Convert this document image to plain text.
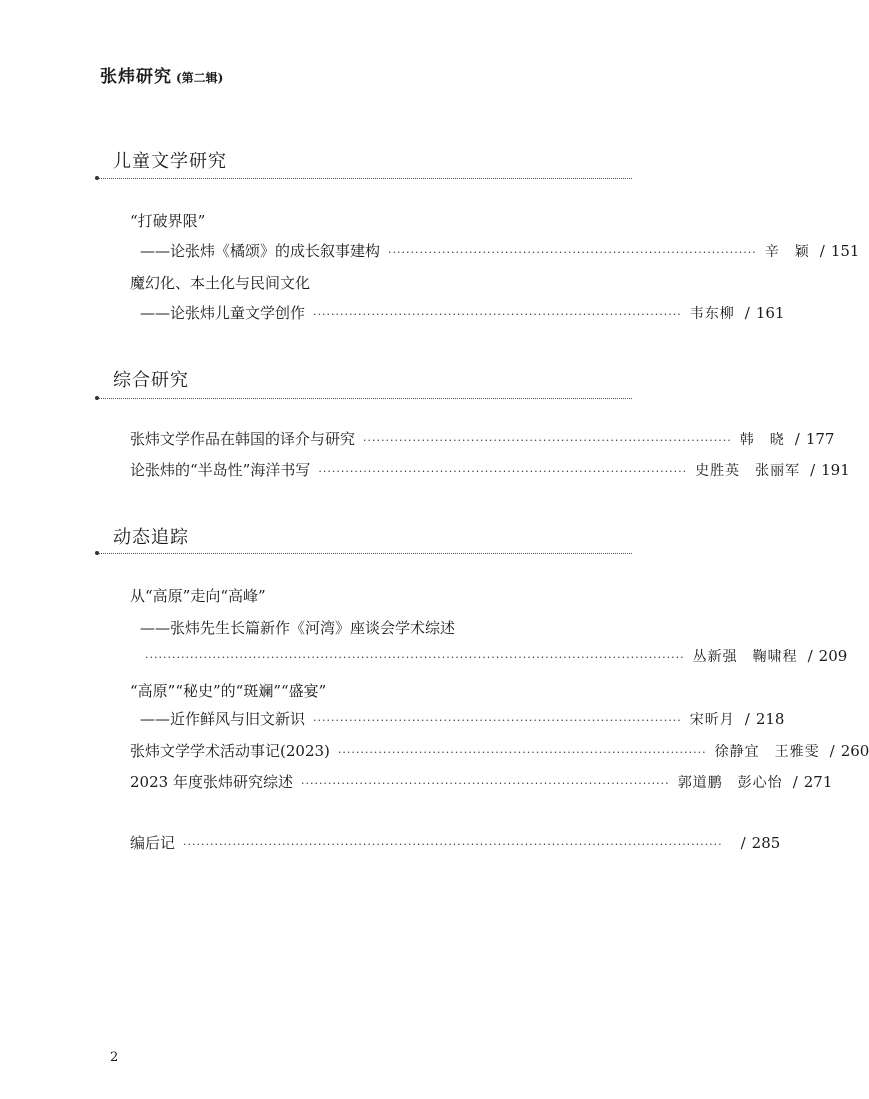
张炜研究 (第二辑)
儿童文学研究
“打破界限”
——论张炜《橘颂》的成长叙事建构 ·················································································· 辛　颖 / 151
魔幻化、本土化与民间文化
——论张炜儿童文学创作 ·················································································· 韦东柳 / 161
综合研究
张炜文学作品在韩国的译介与研究 ·················································································· 韩　晓 / 177
论张炜的“半岛性”海洋书写 ·················································································· 史胜英　张丽军 / 191
动态追踪
从“高原”走向“高峰”
——张炜先生长篇新作《河湾》座谈会学术综述
························································································································ 丛新强　鞠啸程 / 209
“高原”“秘史”的“斑斓”“盛宴”
——近作鲜风与旧文新识 ·················································································· 宋昕月 / 218
张炜文学学术活动事记(2023) ·················································································· 徐静宜　王雅雯 / 260
2023 年度张炜研究综述 ·················································································· 郭道鹏　彭心怡 / 271
编后记 ························································································································ / 285
2
